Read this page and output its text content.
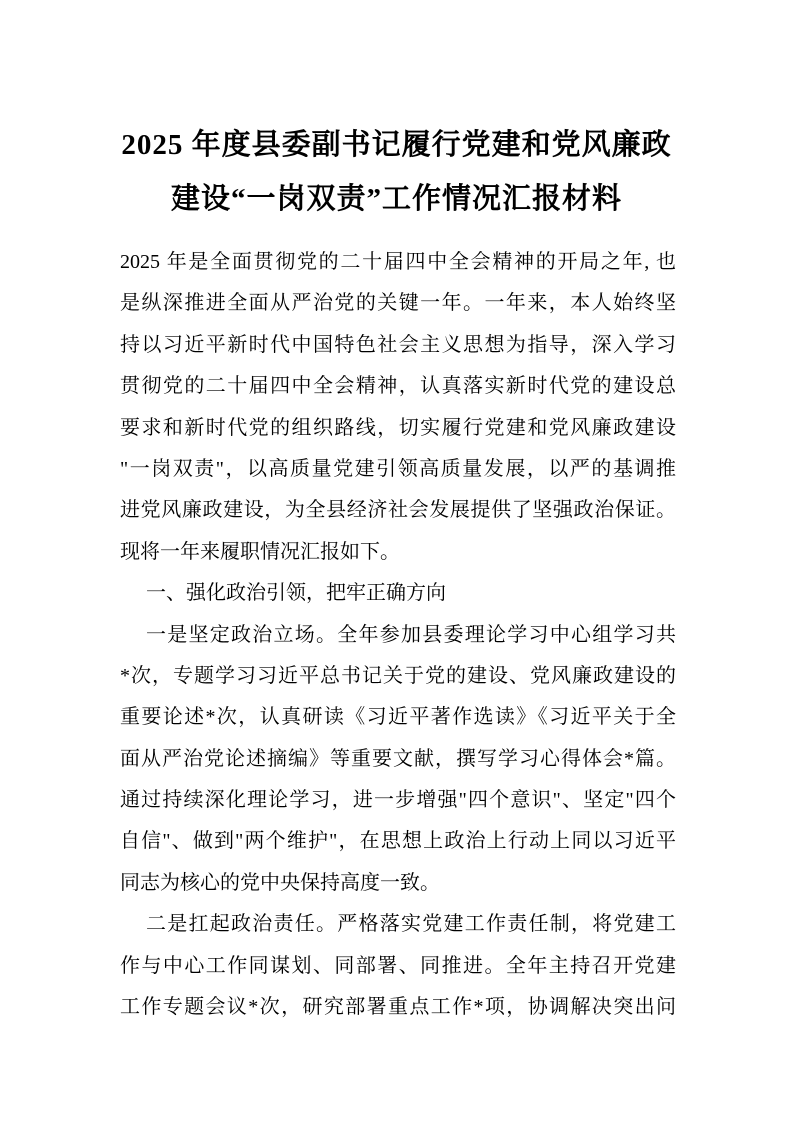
2025 年度县委副书记履行党建和党风廉政
建设“一岗双责”工作情况汇报材料
2025 年是全面贯彻党的二十届四中全会精神的开局之年, 也
是纵深推进全面从严治党的关键一年。一年来，本人始终坚
持以习近平新时代中国特色社会主义思想为指导，深入学习
贯彻党的二十届四中全会精神，认真落实新时代党的建设总
要求和新时代党的组织路线，切实履行党建和党风廉政建设
"一岗双责"，以高质量党建引领高质量发展，以严的基调推
进党风廉政建设，为全县经济社会发展提供了坚强政治保证。
现将一年来履职情况汇报如下。
一、强化政治引领，把牢正确方向
一是坚定政治立场。全年参加县委理论学习中心组学习共
*次，专题学习习近平总书记关于党的建设、党风廉政建设的
重要论述*次，认真研读《习近平著作选读》《习近平关于全
面从严治党论述摘编》等重要文献，撰写学习心得体会*篇。
通过持续深化理论学习，进一步增强"四个意识"、坚定"四个
自信"、做到"两个维护"，在思想上政治上行动上同以习近平
同志为核心的党中央保持高度一致。
二是扛起政治责任。严格落实党建工作责任制，将党建工
作与中心工作同谋划、同部署、同推进。全年主持召开党建
工作专题会议*次，研究部署重点工作*项，协调解决突出问
